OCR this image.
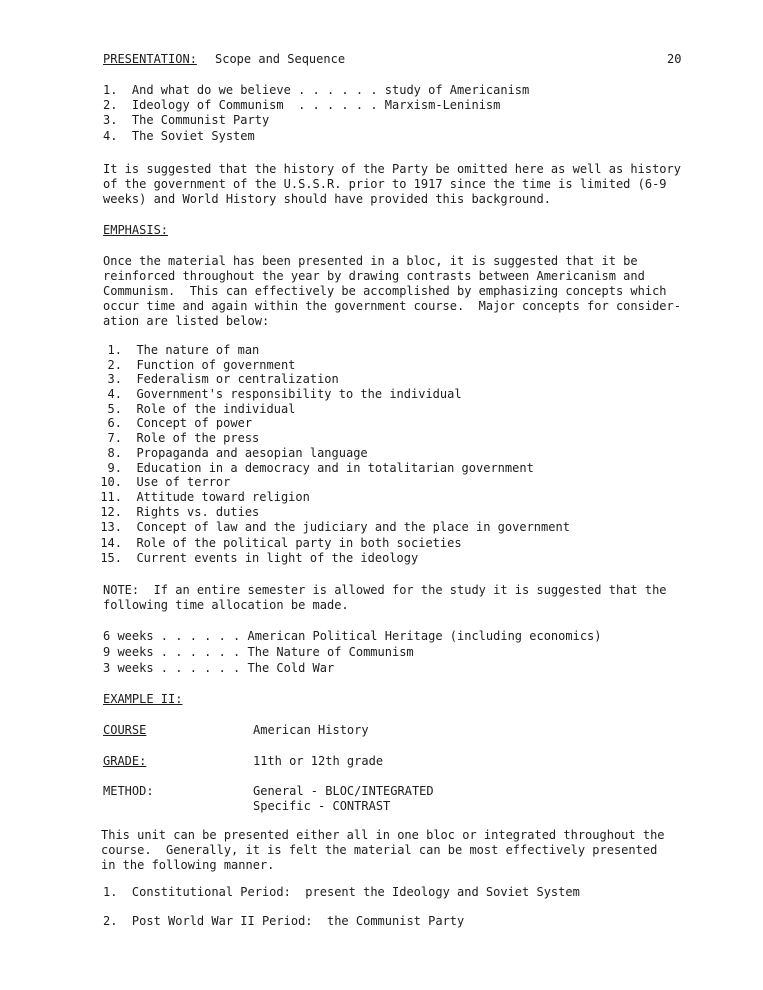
PRESENTATION: Scope and Sequence	20
1. And what do we believe . . . . . . study of Americanism
2. Ideology of Communism  . . . . . . Marxism-Leninism
3. The Communist Party
4. The Soviet System
It is suggested that the history of the Party be omitted here as well as history
of the government of the U.S.S.R. prior to 1917 since the time is limited (6-9
weeks) and World History should have provided this background.
EMPHASIS:
Once the material has been presented in a bloc, it is suggested that it be
reinforced throughout the year by drawing contrasts between Americanism and
Communism.  This can effectively be accomplished by emphasizing concepts which
occur time and again within the government course.  Major concepts for consider-
ation are listed below:
1. The nature of man
2. Function of government
3. Federalism or centralization
4. Government's responsibility to the individual
5. Role of the individual
6. Concept of power
7. Role of the press
8. Propaganda and aesopian language
9. Education in a democracy and in totalitarian government
10. Use of terror
11. Attitude toward religion
12. Rights vs. duties
13. Concept of law and the judiciary and the place in government
14. Role of the political party in both societies
15. Current events in light of the ideology
NOTE:  If an entire semester is allowed for the study it is suggested that the
following time allocation be made.
6 weeks . . . . . . American Political Heritage (including economics)
9 weeks . . . . . . The Nature of Communism
3 weeks . . . . . . The Cold War
EXAMPLE II:
COURSE	American History
GRADE:	11th or 12th grade
METHOD:	General - BLOC/INTEGRATED
Specific - CONTRAST
This unit can be presented either all in one bloc or integrated throughout the
course.  Generally, it is felt the material can be most effectively presented
in the following manner.
1. Constitutional Period:  present the Ideology and Soviet System
2. Post World War II Period:  the Communist Party
